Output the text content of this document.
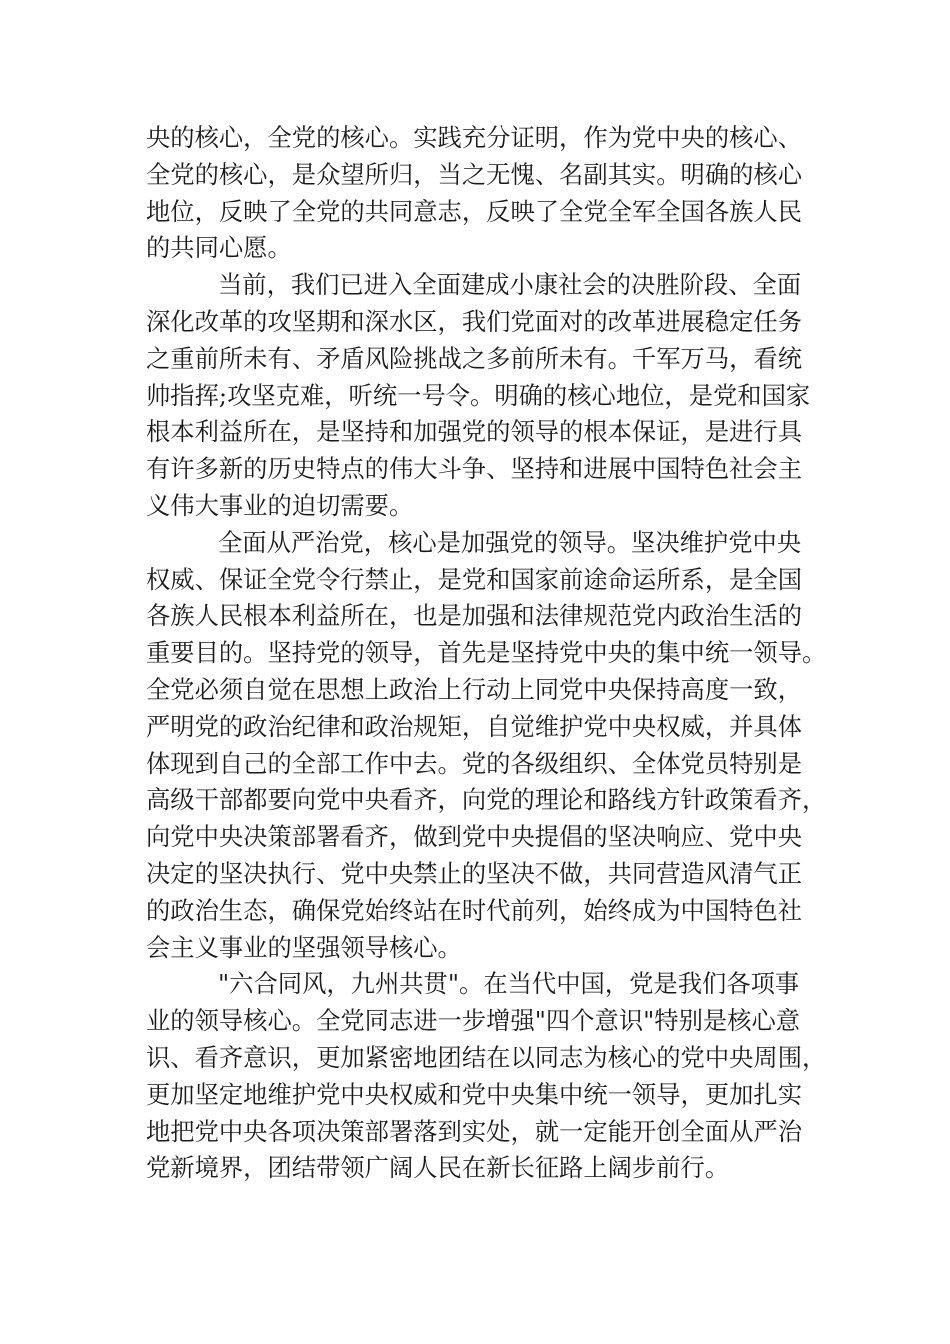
央的核心，全党的核心。实践充分证明，作为党中央的核心、
全党的核心，是众望所归，当之无愧、名副其实。明确的核心
地位，反映了全党的共同意志，反映了全党全军全国各族人民
的共同心愿。
当前，我们已进入全面建成小康社会的决胜阶段、全面
深化改革的攻坚期和深水区，我们党面对的改革进展稳定任务
之重前所未有、矛盾风险挑战之多前所未有。千军万马，看统
帅指挥;攻坚克难，听统一号令。明确的核心地位，是党和国家
根本利益所在，是坚持和加强党的领导的根本保证，是进行具
有许多新的历史特点的伟大斗争、坚持和进展中国特色社会主
义伟大事业的迫切需要。
全面从严治党，核心是加强党的领导。坚决维护党中央
权威、保证全党令行禁止，是党和国家前途命运所系，是全国
各族人民根本利益所在，也是加强和法律规范党内政治生活的
重要目的。坚持党的领导，首先是坚持党中央的集中统一领导。
全党必须自觉在思想上政治上行动上同党中央保持高度一致，
严明党的政治纪律和政治规矩，自觉维护党中央权威，并具体
体现到自己的全部工作中去。党的各级组织、全体党员特别是
高级干部都要向党中央看齐，向党的理论和路线方针政策看齐，
向党中央决策部署看齐，做到党中央提倡的坚决响应、党中央
决定的坚决执行、党中央禁止的坚决不做，共同营造风清气正
的政治生态，确保党始终站在时代前列，始终成为中国特色社
会主义事业的坚强领导核心。
"六合同风，九州共贯"。在当代中国，党是我们各项事
业的领导核心。全党同志进一步增强"四个意识"特别是核心意
识、看齐意识，更加紧密地团结在以同志为核心的党中央周围，
更加坚定地维护党中央权威和党中央集中统一领导，更加扎实
地把党中央各项决策部署落到实处，就一定能开创全面从严治
党新境界，团结带领广阔人民在新长征路上阔步前行。
